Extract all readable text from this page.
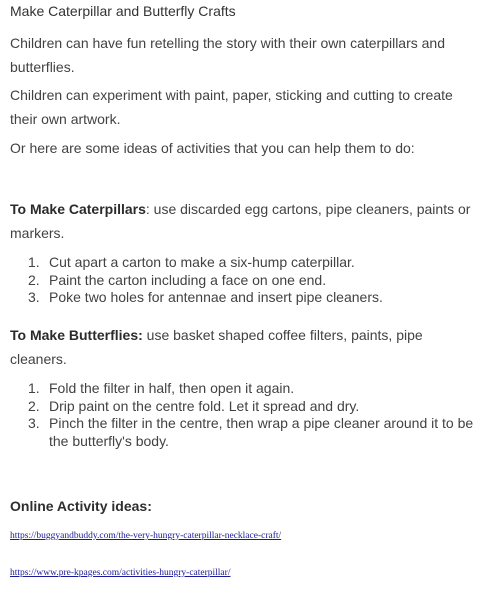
Make Caterpillar and Butterfly Crafts
Children can have fun retelling the story with their own caterpillars and butterflies.
Children can experiment with paint, paper, sticking and cutting to create their own artwork.
Or here are some ideas of activities that you can help them to do:
To Make Caterpillars: use discarded egg cartons, pipe cleaners, paints or markers.
1. Cut apart a carton to make a six-hump caterpillar.
2. Paint the carton including a face on one end.
3. Poke two holes for antennae and insert pipe cleaners.
To Make Butterflies: use basket shaped coffee filters, paints, pipe cleaners.
1. Fold the filter in half, then open it again.
2. Drip paint on the centre fold. Let it spread and dry.
3. Pinch the filter in the centre, then wrap a pipe cleaner around it to be the butterfly's body.
Online Activity ideas:
https://buggyandbuddy.com/the-very-hungry-caterpillar-necklace-craft/
https://www.pre-kpages.com/activities-hungry-caterpillar/
